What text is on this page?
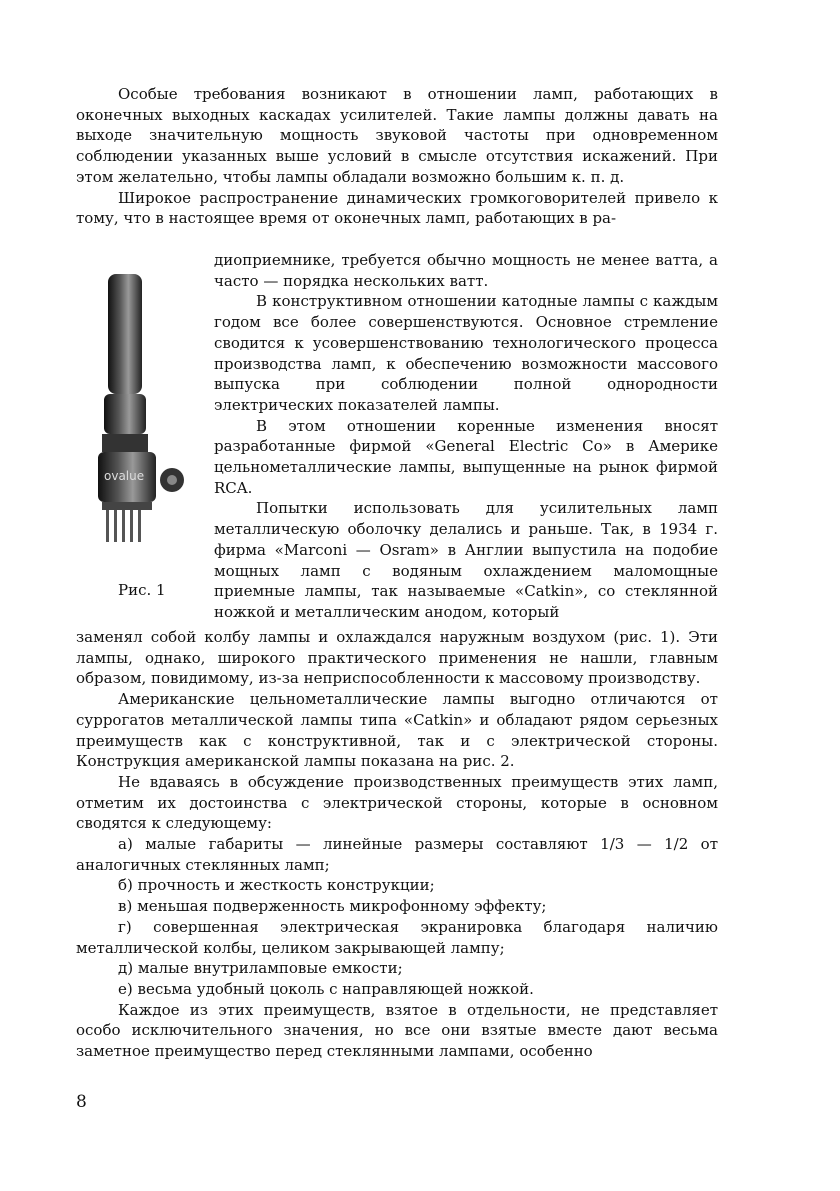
Особые требования возникают в отношении ламп, работающих в оконечных выходных каскадах усилителей. Такие лампы должны давать на выходе значительную мощность звуковой частоты при одновременном соблюдении указанных выше условий в смысле отсутствия искажений. При этом желательно, чтобы лампы обладали возможно большим к. п. д.

Широкое распространение динамических громкоговорителей привело к тому, что в настоящее время от оконечных ламп, работающих в ра-

ovalue
Рис. 1

диоприемнике, требуется обычно мощность не менее ватта, а часто — порядка нескольких ватт.

В конструктивном отношении катодные лампы с каждым годом все более совершенствуются. Основное стремление сводится к усовершенствованию технологического процесса производства ламп, к обеспечению возможности массового выпуска при соблюдении полной однородности электрических показателей лампы.

В этом отношении коренные изменения вносят разработанные фирмой «General Electric Co» в Америке цельнометаллические лампы, выпущенные на рынок фирмой RCA.

Попытки использовать для усилительных ламп металлическую оболочку делались и раньше. Так, в 1934 г. фирма «Marconi — Osram» в Англии выпустила на подобие мощных ламп с водяным охлаждением маломощные приемные лампы, так называемые «Catkin», со стеклянной ножкой и металлическим анодом, который

заменял собой колбу лампы и охлаждался наружным воздухом (рис. 1). Эти лампы, однако, широкого практического применения не нашли, главным образом, повидимому, из-за неприспособленности к массовому производству.

Американские цельнометаллические лампы выгодно отличаются от суррогатов металлической лампы типа «Catkin» и обладают рядом серьезных преимуществ как с конструктивной, так и с электрической стороны. Конструкция американской лампы показана на рис. 2.

Не вдаваясь в обсуждение производственных преимуществ этих ламп, отметим их достоинства с электрической стороны, которые в основном сводятся к следующему:

а) малые габариты — линейные размеры составляют 1/3 — 1/2 от аналогичных стеклянных ламп;

б) прочность и жесткость конструкции;

в) меньшая подверженность микрофонному эффекту;

г) совершенная электрическая экранировка благодаря наличию металлической колбы, целиком закрывающей лампу;

д) малые внутриламповые емкости;

е) весьма удобный цоколь с направляющей ножкой.

Каждое из этих преимуществ, взятое в отдельности, не представляет особо исключительного значения, но все они взятые вместе дают весьма заметное преимущество перед стеклянными лампами, особенно

8
